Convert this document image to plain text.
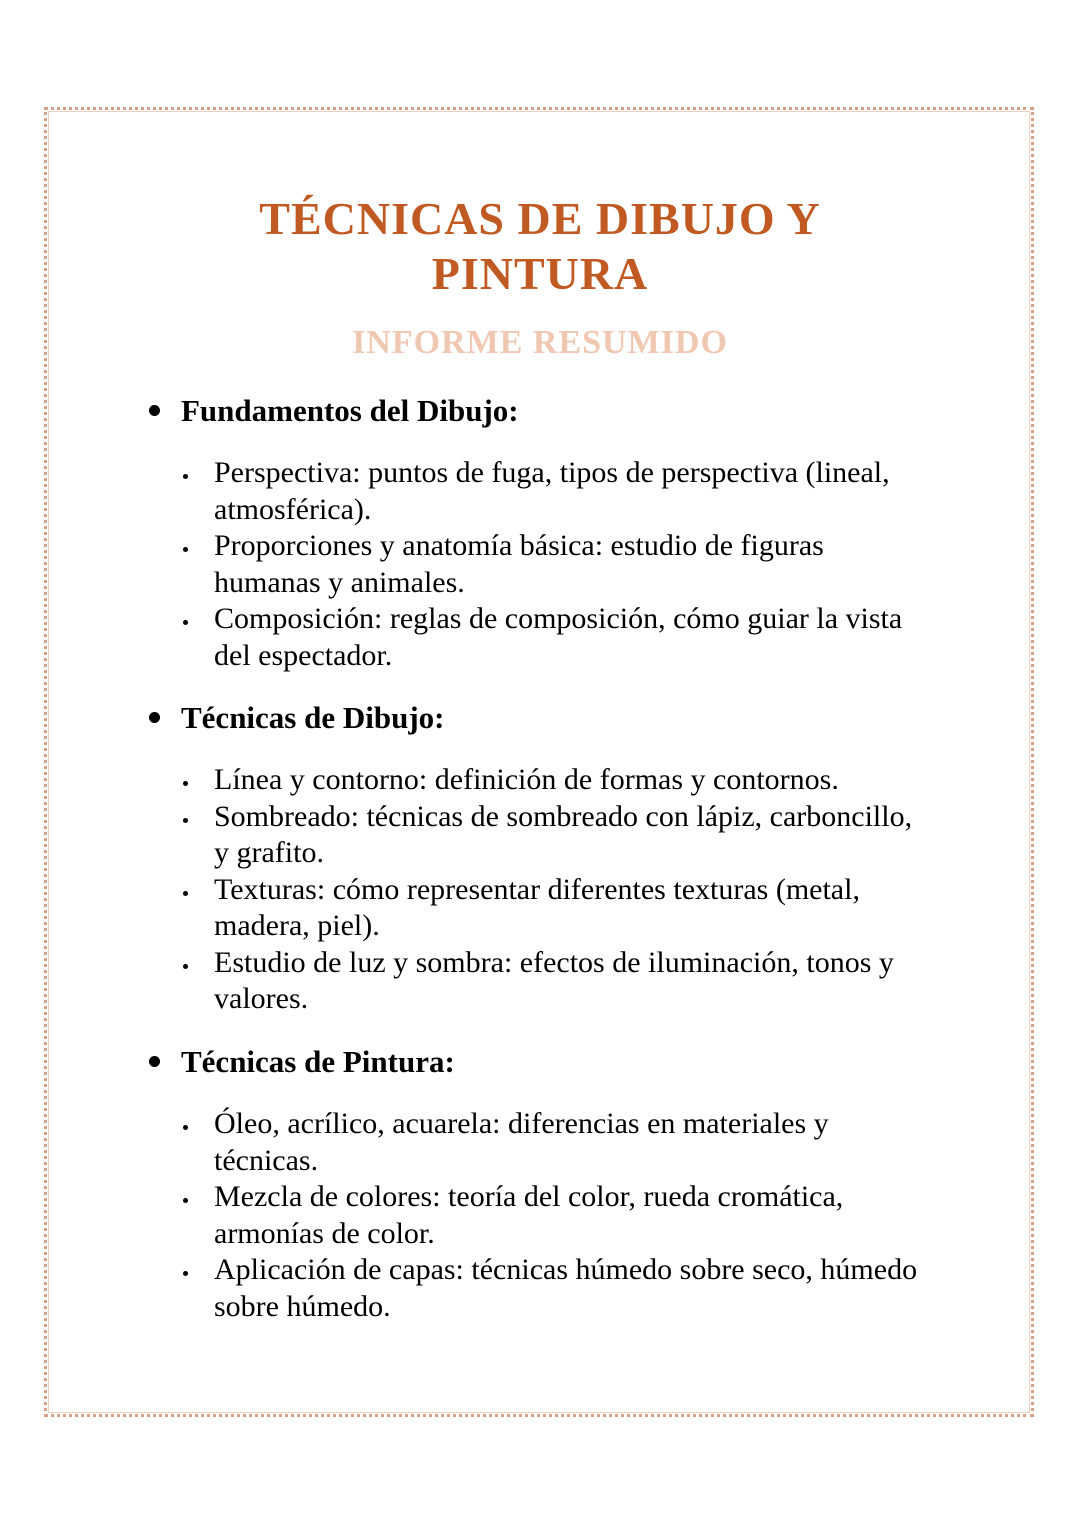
TÉCNICAS DE DIBUJO Y
PINTURA
INFORME RESUMIDO
Fundamentos del Dibujo:
Perspectiva: puntos de fuga, tipos de perspectiva (lineal, atmosférica).
Proporciones y anatomía básica: estudio de figuras humanas y animales.
Composición: reglas de composición, cómo guiar la vista del espectador.
Técnicas de Dibujo:
Línea y contorno: definición de formas y contornos.
Sombreado: técnicas de sombreado con lápiz, carboncillo, y grafito.
Texturas: cómo representar diferentes texturas (metal, madera, piel).
Estudio de luz y sombra: efectos de iluminación, tonos y valores.
Técnicas de Pintura:
Óleo, acrílico, acuarela: diferencias en materiales y técnicas.
Mezcla de colores: teoría del color, rueda cromática, armonías de color.
Aplicación de capas: técnicas húmedo sobre seco, húmedo sobre húmedo.
